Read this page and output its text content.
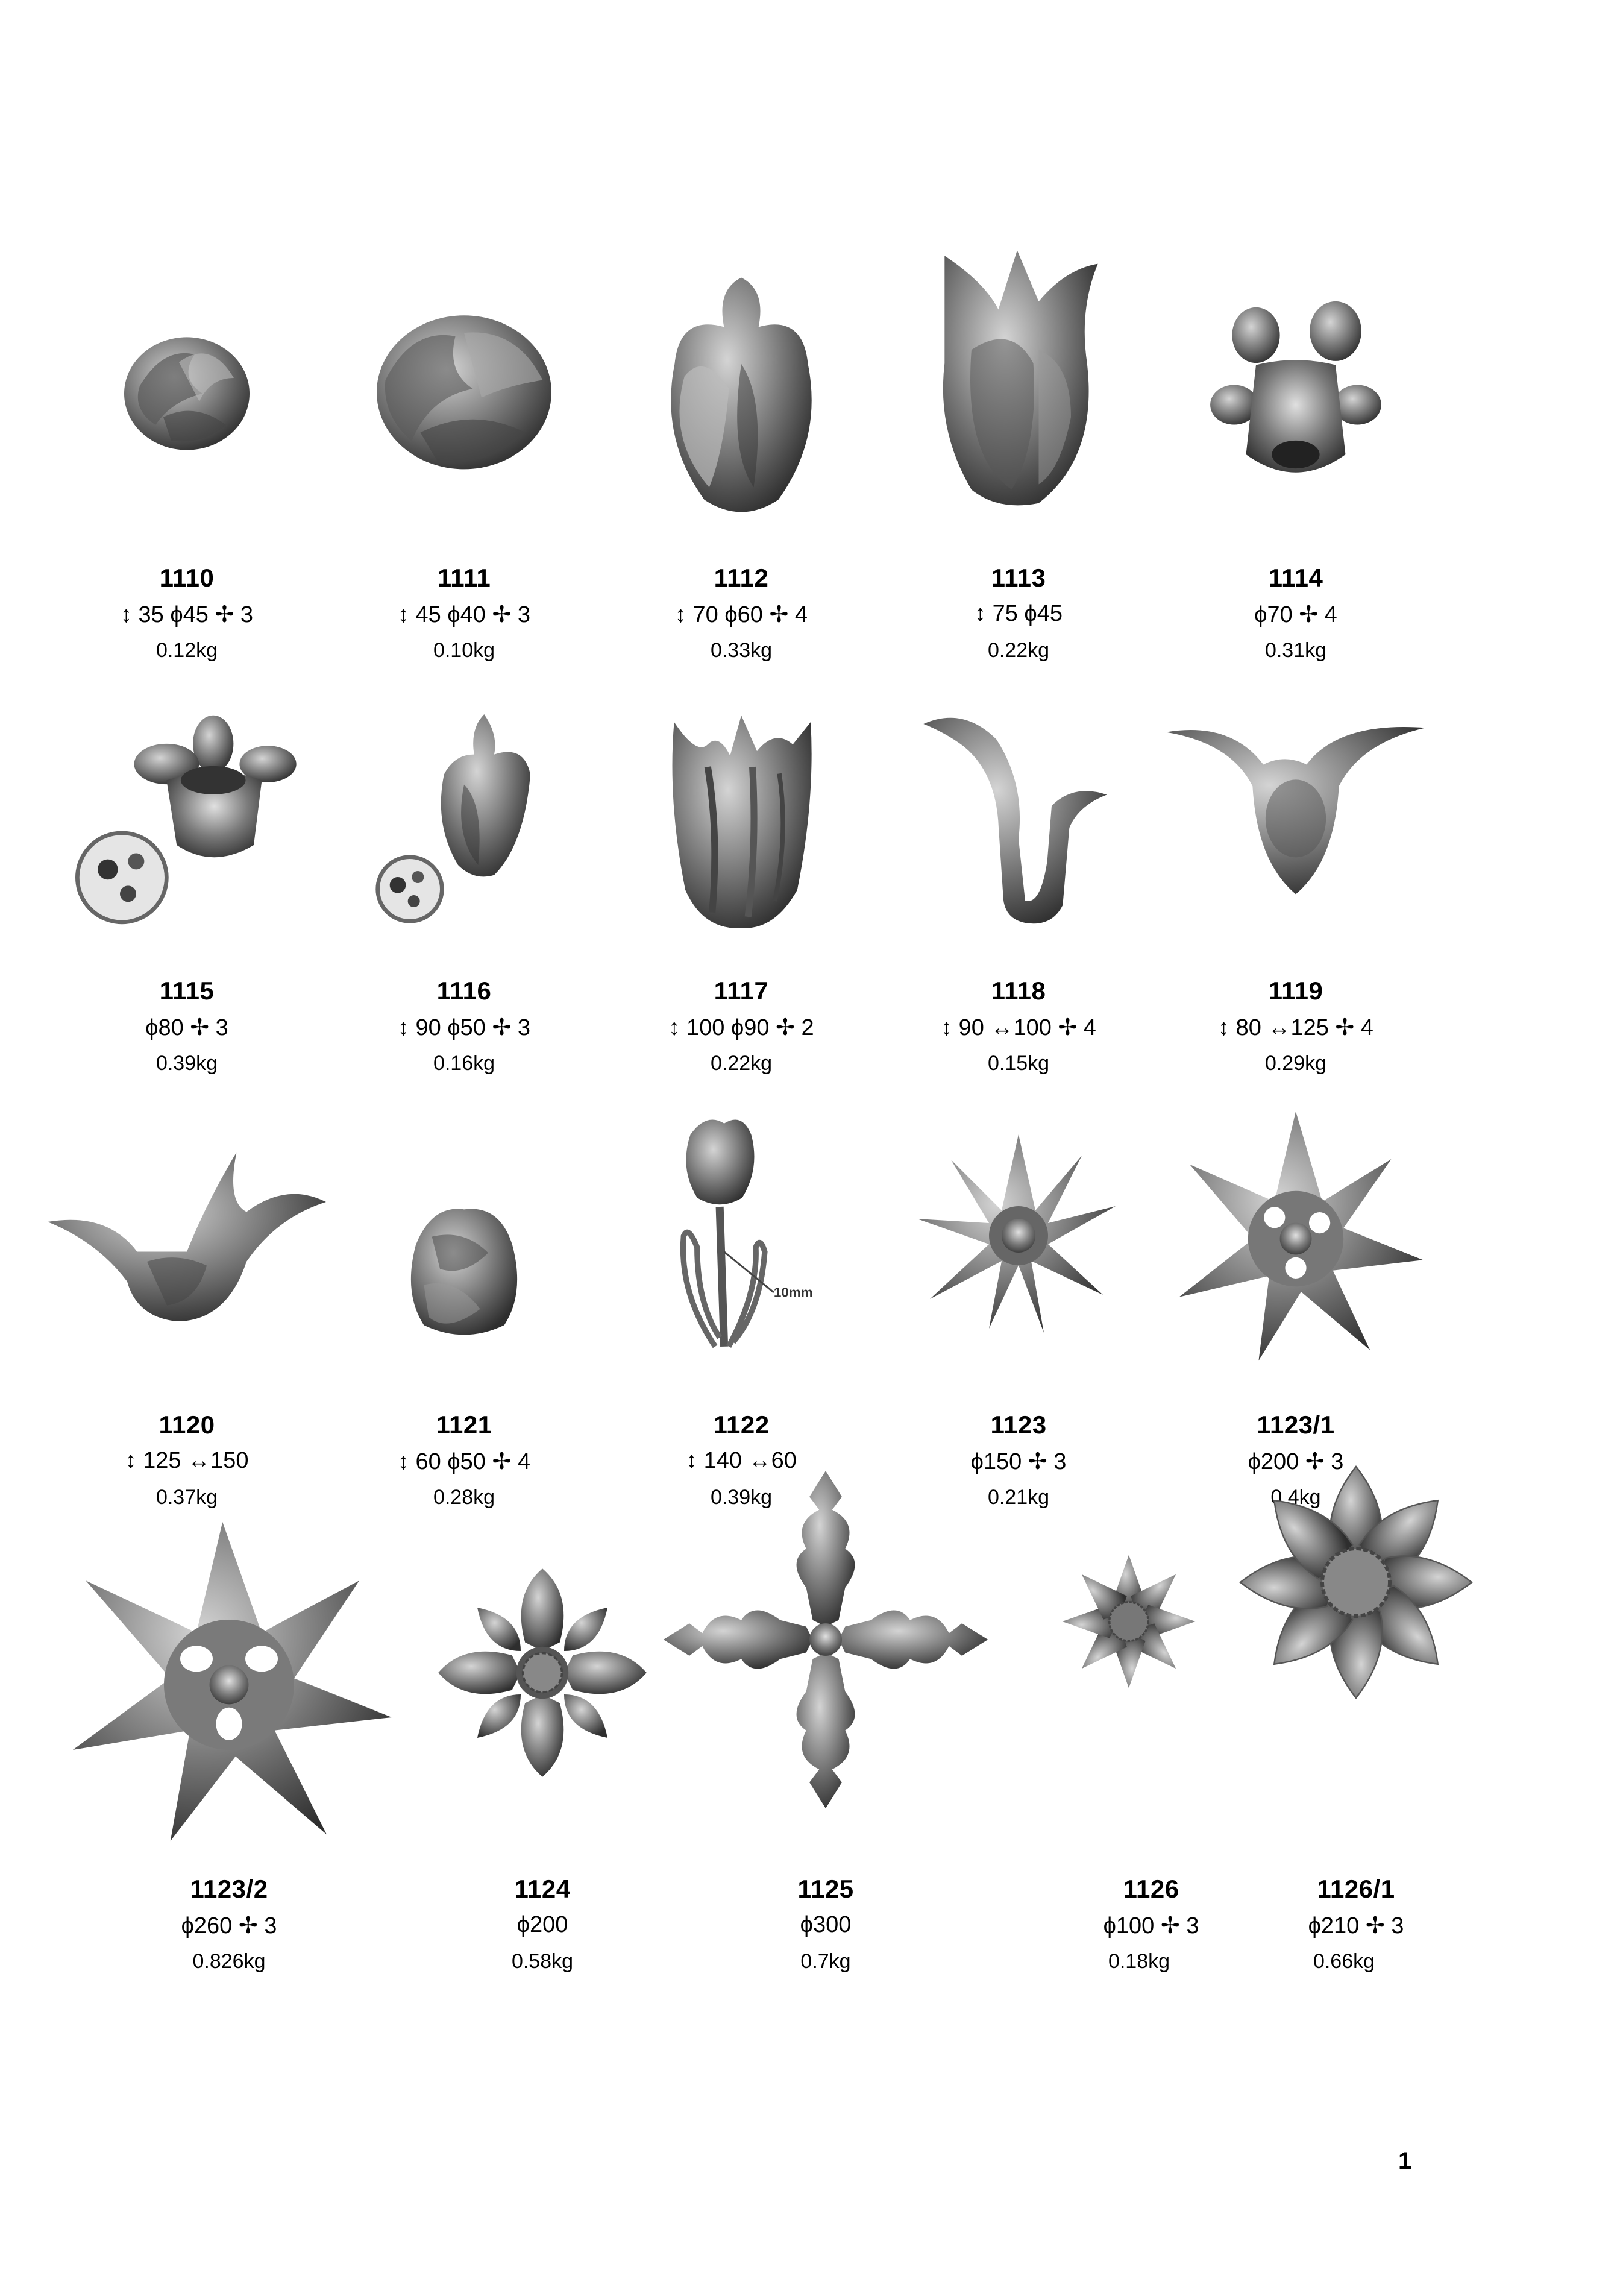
1110
↕ 35 ϕ45 ✢ 3
0.12kg
1111
↕ 45 ϕ40 ✢ 3
0.10kg
1112
↕ 70 ϕ60 ✢ 4
0.33kg
1113
↕ 75 ϕ45
0.22kg
1114
ϕ70 ✢ 4
0.31kg
1115
ϕ80 ✢ 3
0.39kg
1116
↕ 90 ϕ50 ✢ 3
0.16kg
1117
↕ 100 ϕ90 ✢ 2
0.22kg
1118
↕ 90 ↔100 ✢ 4
0.15kg
1119
↕ 80 ↔125 ✢ 4
0.29kg
1120
↕ 125 ↔150
0.37kg
1121
↕ 60 ϕ50 ✢ 4
0.28kg
10mm
1122
↕ 140 ↔60
0.39kg
1123
ϕ150 ✢ 3
0.21kg
1123/1
ϕ200 ✢ 3
0.4kg
1123/2
ϕ260 ✢ 3
0.826kg
1124
ϕ200
0.58kg
1125
ϕ300
0.7kg
1126
ϕ100 ✢ 3
0.18kg
1126/1
ϕ210 ✢ 3
0.66kg
1
